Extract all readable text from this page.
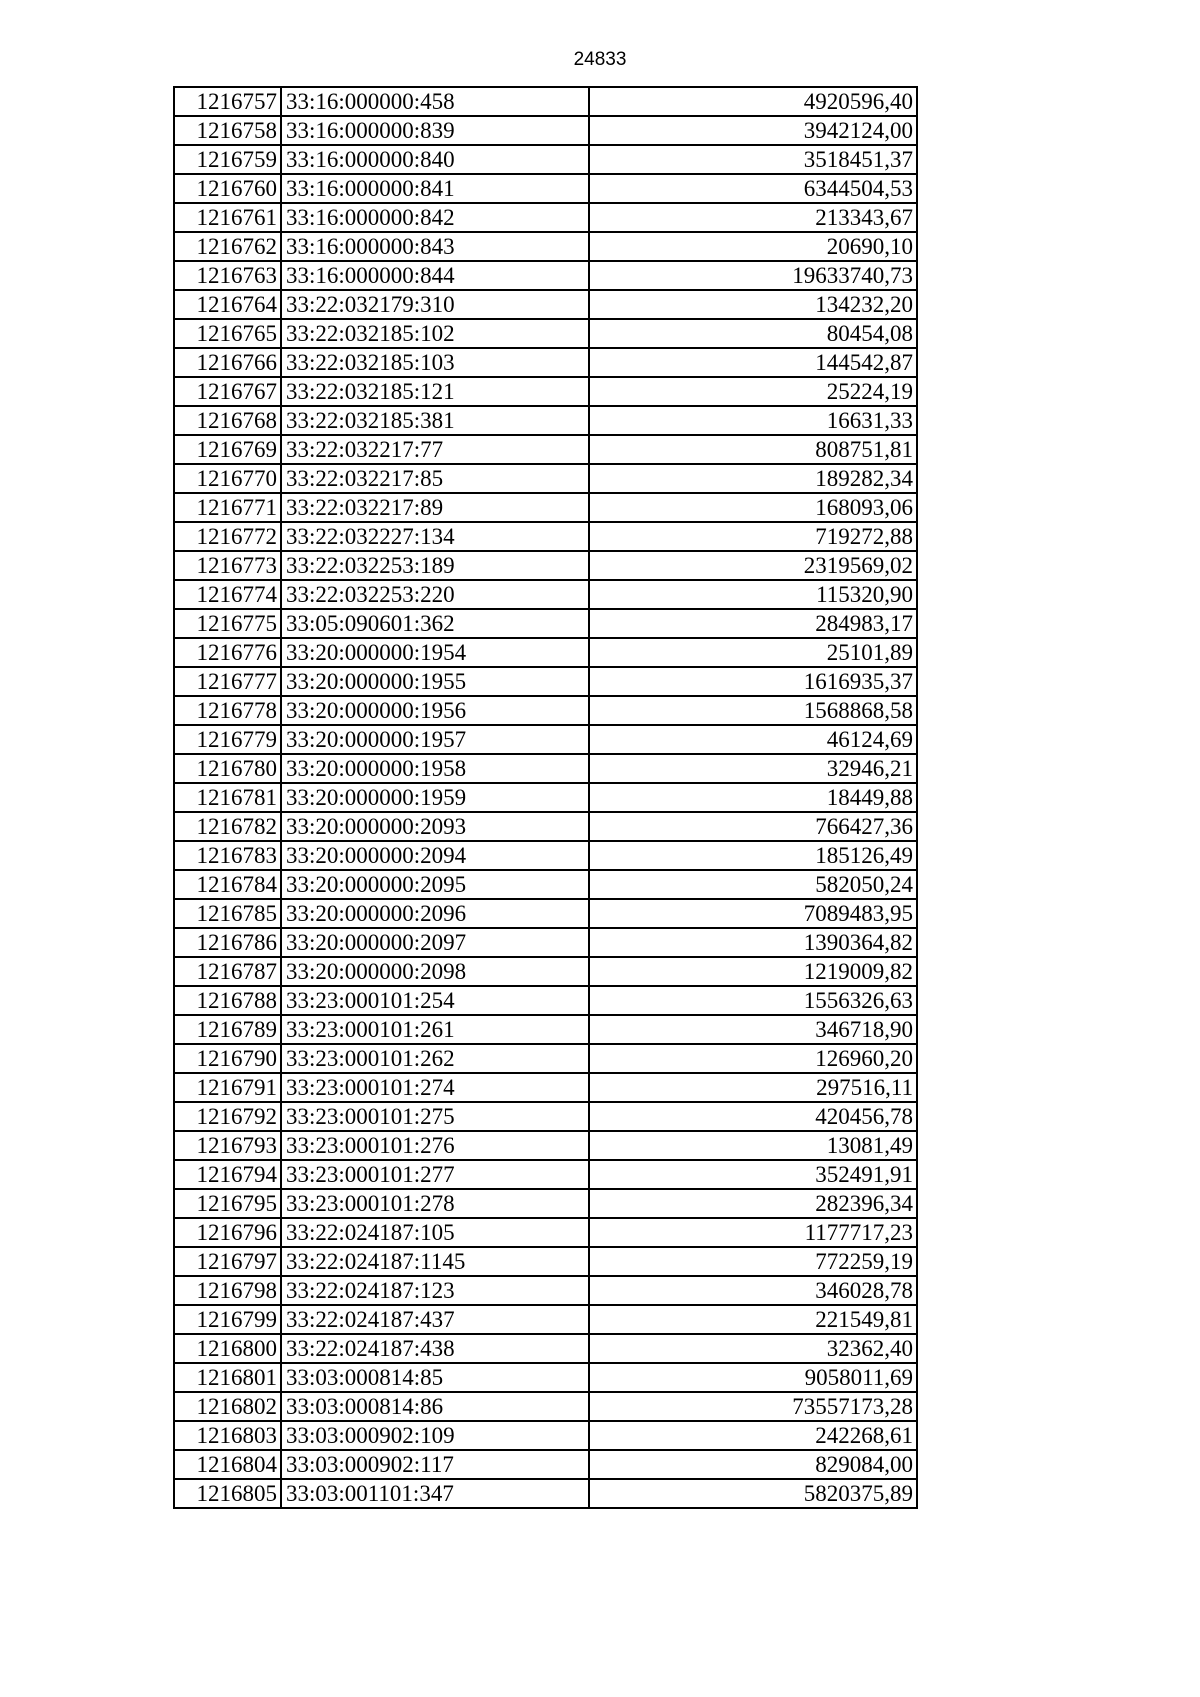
24833
1216757	33:16:000000:458	4920596,40
1216758	33:16:000000:839	3942124,00
1216759	33:16:000000:840	3518451,37
1216760	33:16:000000:841	6344504,53
1216761	33:16:000000:842	213343,67
1216762	33:16:000000:843	20690,10
1216763	33:16:000000:844	19633740,73
1216764	33:22:032179:310	134232,20
1216765	33:22:032185:102	80454,08
1216766	33:22:032185:103	144542,87
1216767	33:22:032185:121	25224,19
1216768	33:22:032185:381	16631,33
1216769	33:22:032217:77	808751,81
1216770	33:22:032217:85	189282,34
1216771	33:22:032217:89	168093,06
1216772	33:22:032227:134	719272,88
1216773	33:22:032253:189	2319569,02
1216774	33:22:032253:220	115320,90
1216775	33:05:090601:362	284983,17
1216776	33:20:000000:1954	25101,89
1216777	33:20:000000:1955	1616935,37
1216778	33:20:000000:1956	1568868,58
1216779	33:20:000000:1957	46124,69
1216780	33:20:000000:1958	32946,21
1216781	33:20:000000:1959	18449,88
1216782	33:20:000000:2093	766427,36
1216783	33:20:000000:2094	185126,49
1216784	33:20:000000:2095	582050,24
1216785	33:20:000000:2096	7089483,95
1216786	33:20:000000:2097	1390364,82
1216787	33:20:000000:2098	1219009,82
1216788	33:23:000101:254	1556326,63
1216789	33:23:000101:261	346718,90
1216790	33:23:000101:262	126960,20
1216791	33:23:000101:274	297516,11
1216792	33:23:000101:275	420456,78
1216793	33:23:000101:276	13081,49
1216794	33:23:000101:277	352491,91
1216795	33:23:000101:278	282396,34
1216796	33:22:024187:105	1177717,23
1216797	33:22:024187:1145	772259,19
1216798	33:22:024187:123	346028,78
1216799	33:22:024187:437	221549,81
1216800	33:22:024187:438	32362,40
1216801	33:03:000814:85	9058011,69
1216802	33:03:000814:86	73557173,28
1216803	33:03:000902:109	242268,61
1216804	33:03:000902:117	829084,00
1216805	33:03:001101:347	5820375,89
